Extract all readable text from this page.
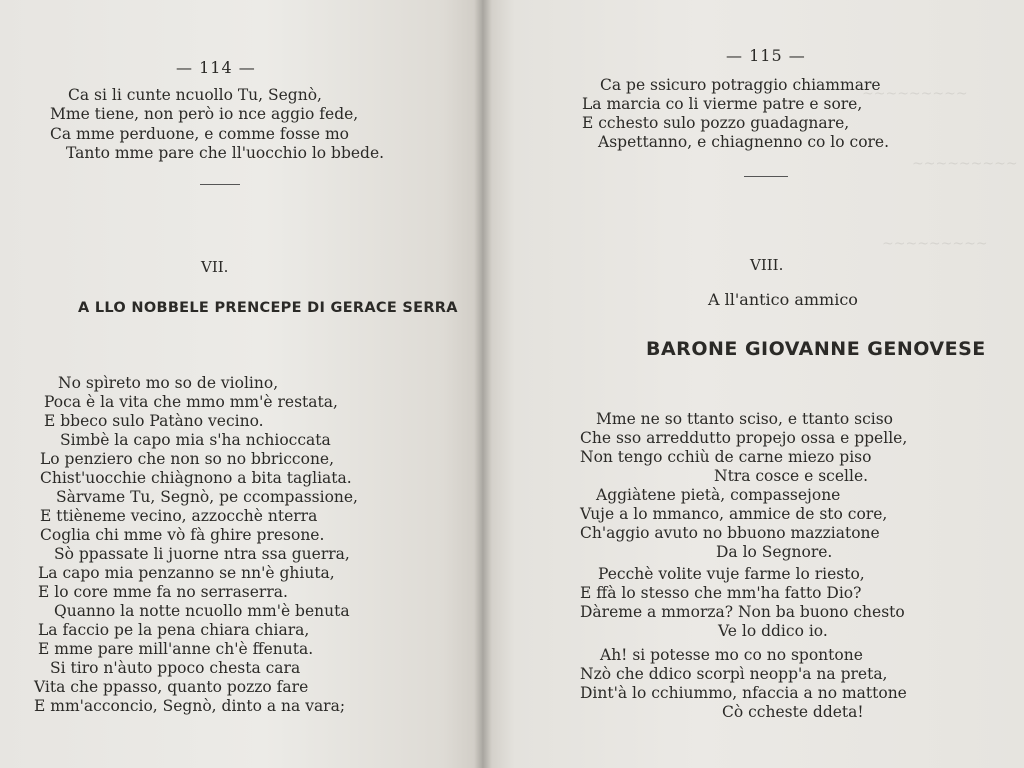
— 114 —
Ca si li cunte ncuollo Tu, Segnò,
Mme tiene, non però io nce aggio fede,
Ca mme perduone, e comme fosse mo
Tanto mme pare che ll'uocchio lo bbede.
VII.
A LLO NOBBELE PRENCEPE DI GERACE SERRA
No spìreto mo so de violino,
Poca è la vita che mmo mm'è restata,
E bbeco sulo Patàno vecino.
Simbè la capo mia s'ha nchioccata
Lo penziero che non so no bbriccone,
Chist'uocchie chiàgnono a bita tagliata.
Sàrvame Tu, Segnò, pe ccompassione,
E ttièneme vecino, azzocchè nterra
Coglia chi mme vò fà ghire presone.
Sò ppassate li juorne ntra ssa guerra,
La capo mia penzanno se nn'è ghiuta,
E lo core mme fa no serraserra.
Quanno la notte ncuollo mm'è benuta
La faccio pe la pena chiara chiara,
E mme pare mill'anne ch'è ffenuta.
Si tiro n'àuto ppoco chesta cara
Vita che ppasso, quanto pozzo fare
E mm'acconcio, Segnò, dinto a na vara;
~~~~~~~~~
~~~~~~~~~
~~~~~~~~~
— 115 —
Ca pe ssicuro potraggio chiammare
La marcia co li vierme patre e sore,
E cchesto sulo pozzo guadagnare,
Aspettanno, e chiagnenno co lo core.
VIII.
A ll'antico ammico
BARONE GIOVANNE GENOVESE
Mme ne so ttanto sciso, e ttanto sciso
Che sso arreddutto propejo ossa e ppelle,
Non tengo cchiù de carne miezo piso
Ntra cosce e scelle.
Aggiàtene pietà, compassejone
Vuje a lo mmanco, ammice de sto core,
Ch'aggio avuto no bbuono mazziatone
Da lo Segnore.
Pecchè volite vuje farme lo riesto,
E ffà lo stesso che mm'ha fatto Dio?
Dàreme a mmorza? Non ba buono chesto
Ve lo ddico io.
Ah! si potesse mo co no spontone
Nzò che ddico scorpì neopp'a na preta,
Dint'à lo cchiummo, nfaccia a no mattone
Cò ccheste ddeta!
